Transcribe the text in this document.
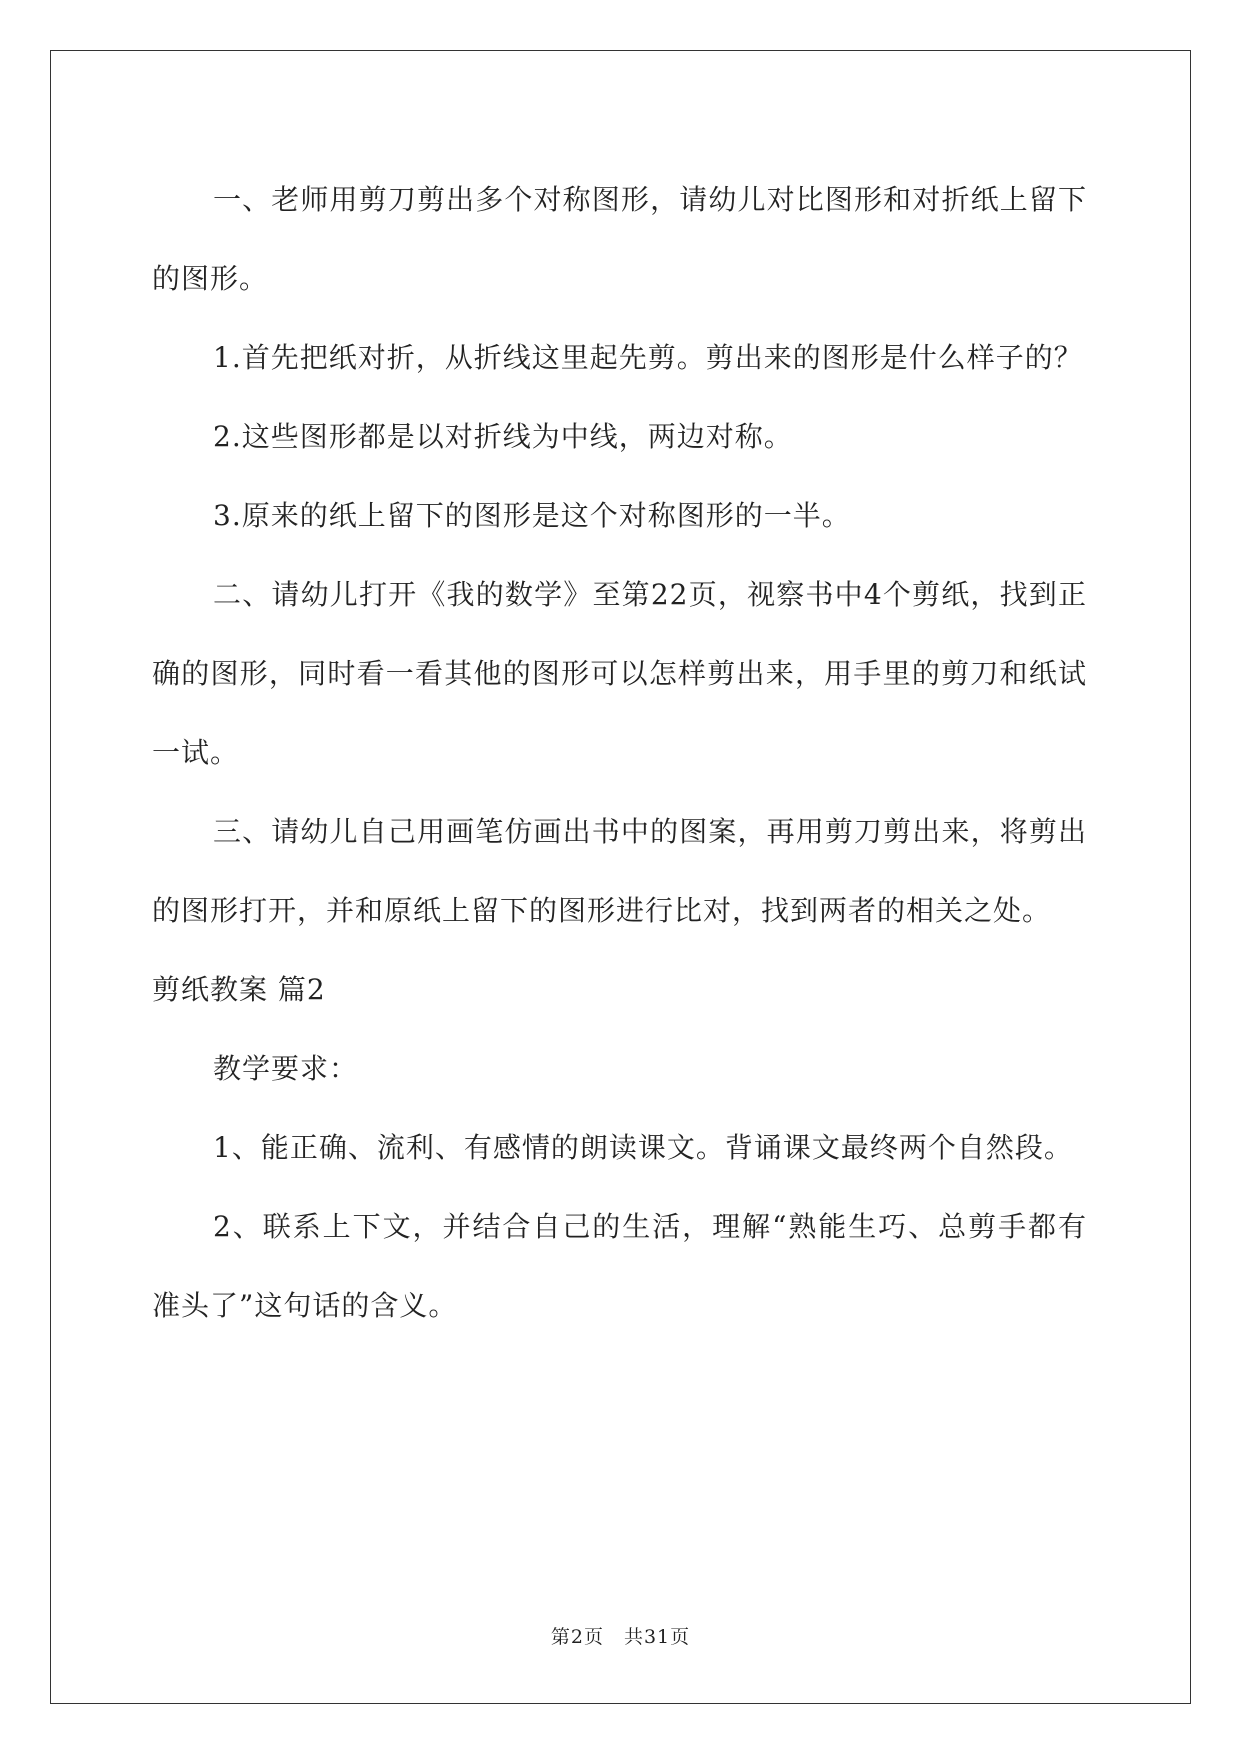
一、老师用剪刀剪出多个对称图形，请幼儿对比图形和对折纸上留下的图形。

1.首先把纸对折，从折线这里起先剪。剪出来的图形是什么样子的？

2.这些图形都是以对折线为中线，两边对称。

3.原来的纸上留下的图形是这个对称图形的一半。

二、请幼儿打开《我的数学》至第22页，视察书中4个剪纸，找到正确的图形，同时看一看其他的图形可以怎样剪出来，用手里的剪刀和纸试一试。

三、请幼儿自己用画笔仿画出书中的图案，再用剪刀剪出来，将剪出的图形打开，并和原纸上留下的图形进行比对，找到两者的相关之处。

剪纸教案 篇2

教学要求：

1、能正确、流利、有感情的朗读课文。背诵课文最终两个自然段。

2、联系上下文，并结合自己的生活，理解“熟能生巧、总剪手都有准头了”这句话的含义。

第2页　共31页
